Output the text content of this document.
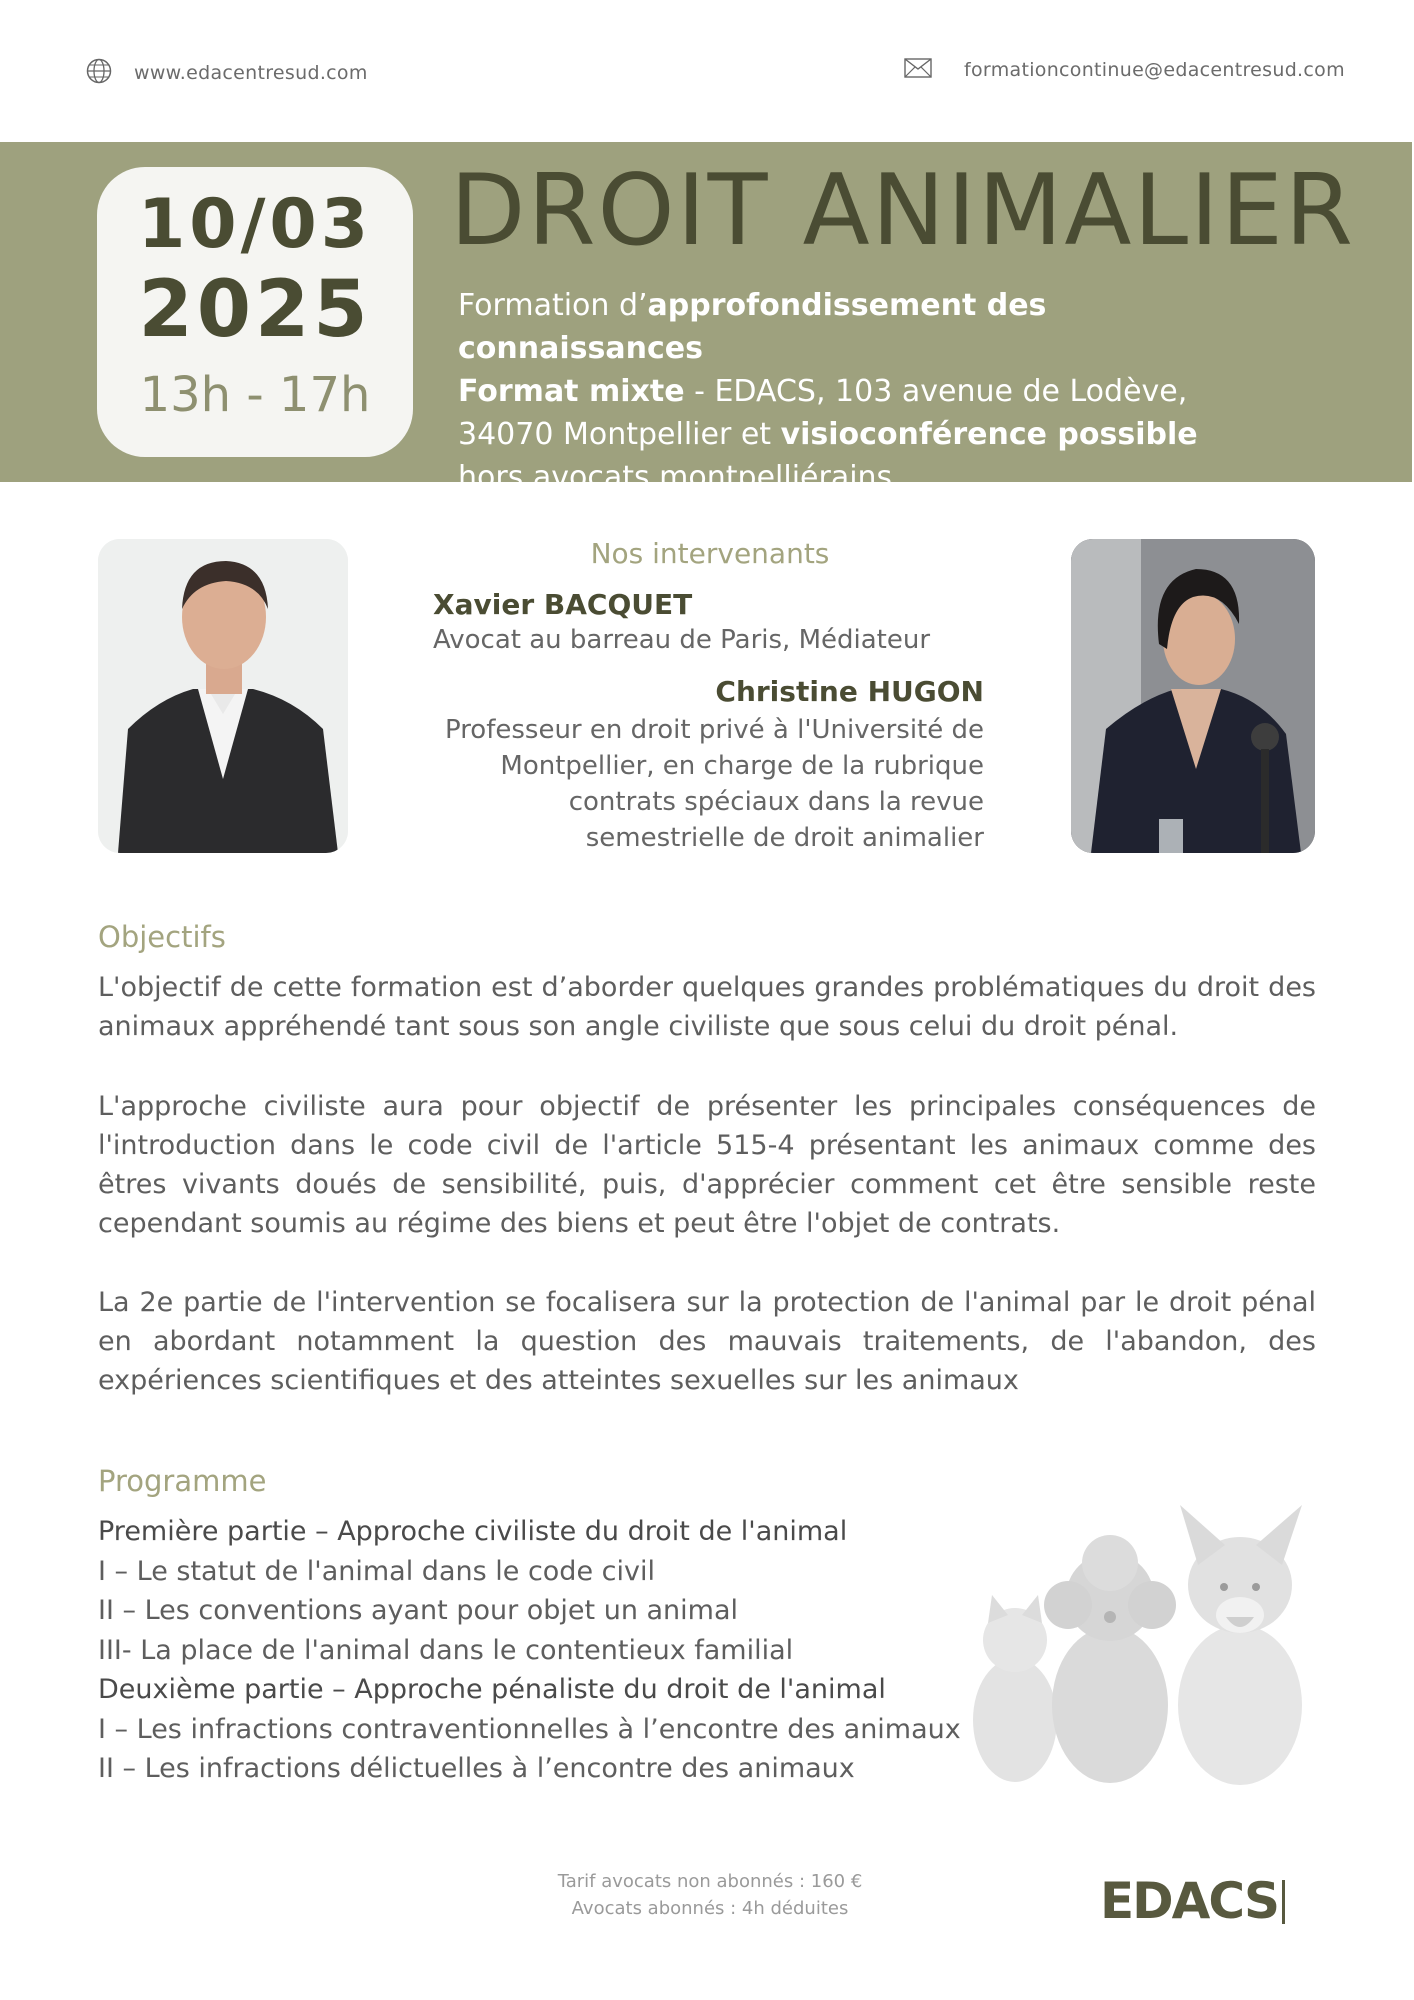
www.edacentresud.com	formationcontinue@edacentresud.com
10/03
2025
13h - 17h
DROIT ANIMALIER
Formation d’approfondissement des connaissances
Format mixte - EDACS, 103 avenue de Lodève, 34070 Montpellier et visioconférence possible hors avocats montpelliérains
Nos intervenants
Xavier BACQUET
Avocat au barreau de Paris, Médiateur
Christine HUGON
Professeur en droit privé à l'Université de
Montpellier, en charge de la rubrique
contrats spéciaux dans la revue
semestrielle de droit animalier
Objectifs
L'objectif de cette formation est d’aborder quelques grandes problématiques du droit des animaux appréhendé tant sous son angle civiliste que sous celui du droit pénal.
L'approche civiliste aura pour objectif de présenter les principales conséquences de l'introduction dans le code civil de l'article 515-4 présentant les animaux comme des êtres vivants doués de sensibilité, puis, d'apprécier comment cet être sensible reste cependant soumis au régime des biens et peut être l'objet de contrats.
La 2e partie de l'intervention se focalisera sur la protection de l'animal par le droit pénal en abordant notamment la question des mauvais traitements, de l'abandon, des expériences scientifiques et des atteintes sexuelles sur les animaux
Programme
Première partie – Approche civiliste du droit de l'animal
I – Le statut de l'animal dans le code civil
II – Les conventions ayant pour objet un animal
III- La place de l'animal dans le contentieux familial
Deuxième partie – Approche pénaliste du droit de l'animal
I – Les infractions contraventionnelles à l’encontre des animaux
II – Les infractions délictuelles à l’encontre des animaux
Tarif avocats non abonnés : 160 €
Avocats abonnés : 4h déduites	EDACS
